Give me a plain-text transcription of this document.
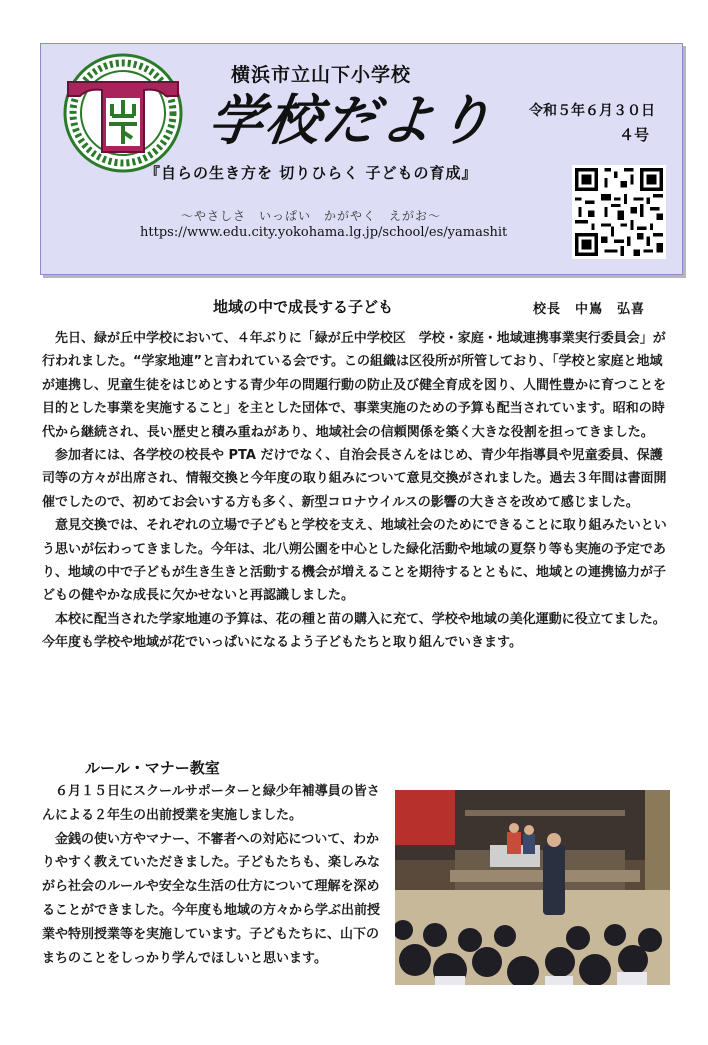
横浜市立山下小学校
学校だより 令和５年６月３０日
４号
『自らの生き方を 切りひらく 子どもの育成』
～やさしさ　いっぱい　かがやく　えがお～
https://www.edu.city.yokohama.lg.jp/school/es/yamashit
地域の中で成長する子ども	校長 中嶌　弘喜

先日、緑が丘中学校において、４年ぶりに「緑が丘中学校区　学校・家庭・地域連携事業実行委員会」が行われました。“学家地連”と言われている会です。この組織は区役所が所管しており、「学校と家庭と地域が連携し、児童生徒をはじめとする青少年の問題行動の防止及び健全育成を図り、人間性豊かに育つことを目的とした事業を実施すること」を主とした団体で、事業実施のための予算も配当されています。昭和の時代から継続され、長い歴史と積み重ねがあり、地域社会の信頼関係を築く大きな役割を担ってきました。

参加者には、各学校の校長や PTA だけでなく、自治会長さんをはじめ、青少年指導員や児童委員、保護司等の方々が出席され、情報交換と今年度の取り組みについて意見交換がされました。過去３年間は書面開催でしたので、初めてお会いする方も多く、新型コロナウイルスの影響の大きさを改めて感じました。

意見交換では、それぞれの立場で子どもと学校を支え、地域社会のためにできることに取り組みたいという思いが伝わってきました。今年は、北八朔公園を中心とした緑化活動や地域の夏祭り等も実施の予定であり、地域の中で子どもが生き生きと活動する機会が増えることを期待するとともに、地域との連携協力が子どもの健やかな成長に欠かせないと再認識しました。

本校に配当された学家地連の予算は、花の種と苗の購入に充て、学校や地域の美化運動に役立てました。今年度も学校や地域が花でいっぱいになるよう子どもたちと取り組んでいきます。

ルール・マナー教室

６月１５日にスクールサポーターと緑少年補導員の皆さんによる２年生の出前授業を実施しました。

金銭の使い方やマナー、不審者への対応について、わかりやすく教えていただきました。子どもたちも、楽しみながら社会のルールや安全な生活の仕方について理解を深めることができました。今年度も地域の方々から学ぶ出前授業や特別授業等を実施しています。子どもたちに、山下のまちのことをしっかり学んでほしいと思います。
